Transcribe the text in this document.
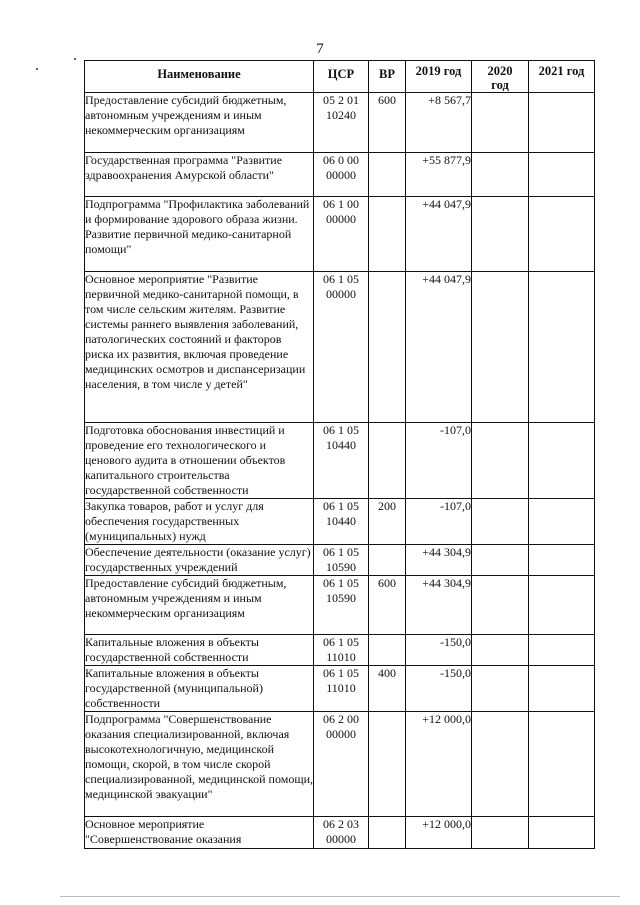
7
Наименование	ЦСР	ВР	2019 год	2020 год	2021 год
Предоставление субсидий бюджетным, автономным учреждениям и иным некоммерческим организациям	05 2 01 10240	600	+8 567,7		
Государственная программа "Развитие здравоохранения Амурской области"	06 0 00 00000		+55 877,9		
Подпрограмма "Профилактика заболеваний и формирование здорового образа жизни. Развитие первичной медико-санитарной помощи"	06 1 00 00000		+44 047,9		
Основное мероприятие "Развитие первичной медико-санитарной помощи, в том числе сельским жителям. Развитие системы раннего выявления заболеваний, патологических состояний и факторов риска их развития, включая проведение медицинских осмотров и диспансеризации населения, в том числе у детей"	06 1 05 00000		+44 047,9		
Подготовка обоснования инвестиций и проведение его технологического и ценового аудита в отношении объектов капитального строительства государственной собственности	06 1 05 10440		-107,0		
Закупка товаров, работ и услуг для обеспечения государственных (муниципальных) нужд	06 1 05 10440	200	-107,0		
Обеспечение деятельности (оказание услуг) государственных учреждений	06 1 05 10590		+44 304,9		
Предоставление субсидий бюджетным, автономным учреждениям и иным некоммерческим организациям	06 1 05 10590	600	+44 304,9		
Капитальные вложения в объекты государственной собственности	06 1 05 11010		-150,0		
Капитальные вложения в объекты государственной (муниципальной) собственности	06 1 05 11010	400	-150,0		
Подпрограмма "Совершенствование оказания специализированной, включая высокотехнологичную, медицинской помощи, скорой, в том числе скорой специализированной, медицинской помощи, медицинской эвакуации"	06 2 00 00000		+12 000,0		
Основное мероприятие "Совершенствование оказания	06 2 03 00000		+12 000,0		
